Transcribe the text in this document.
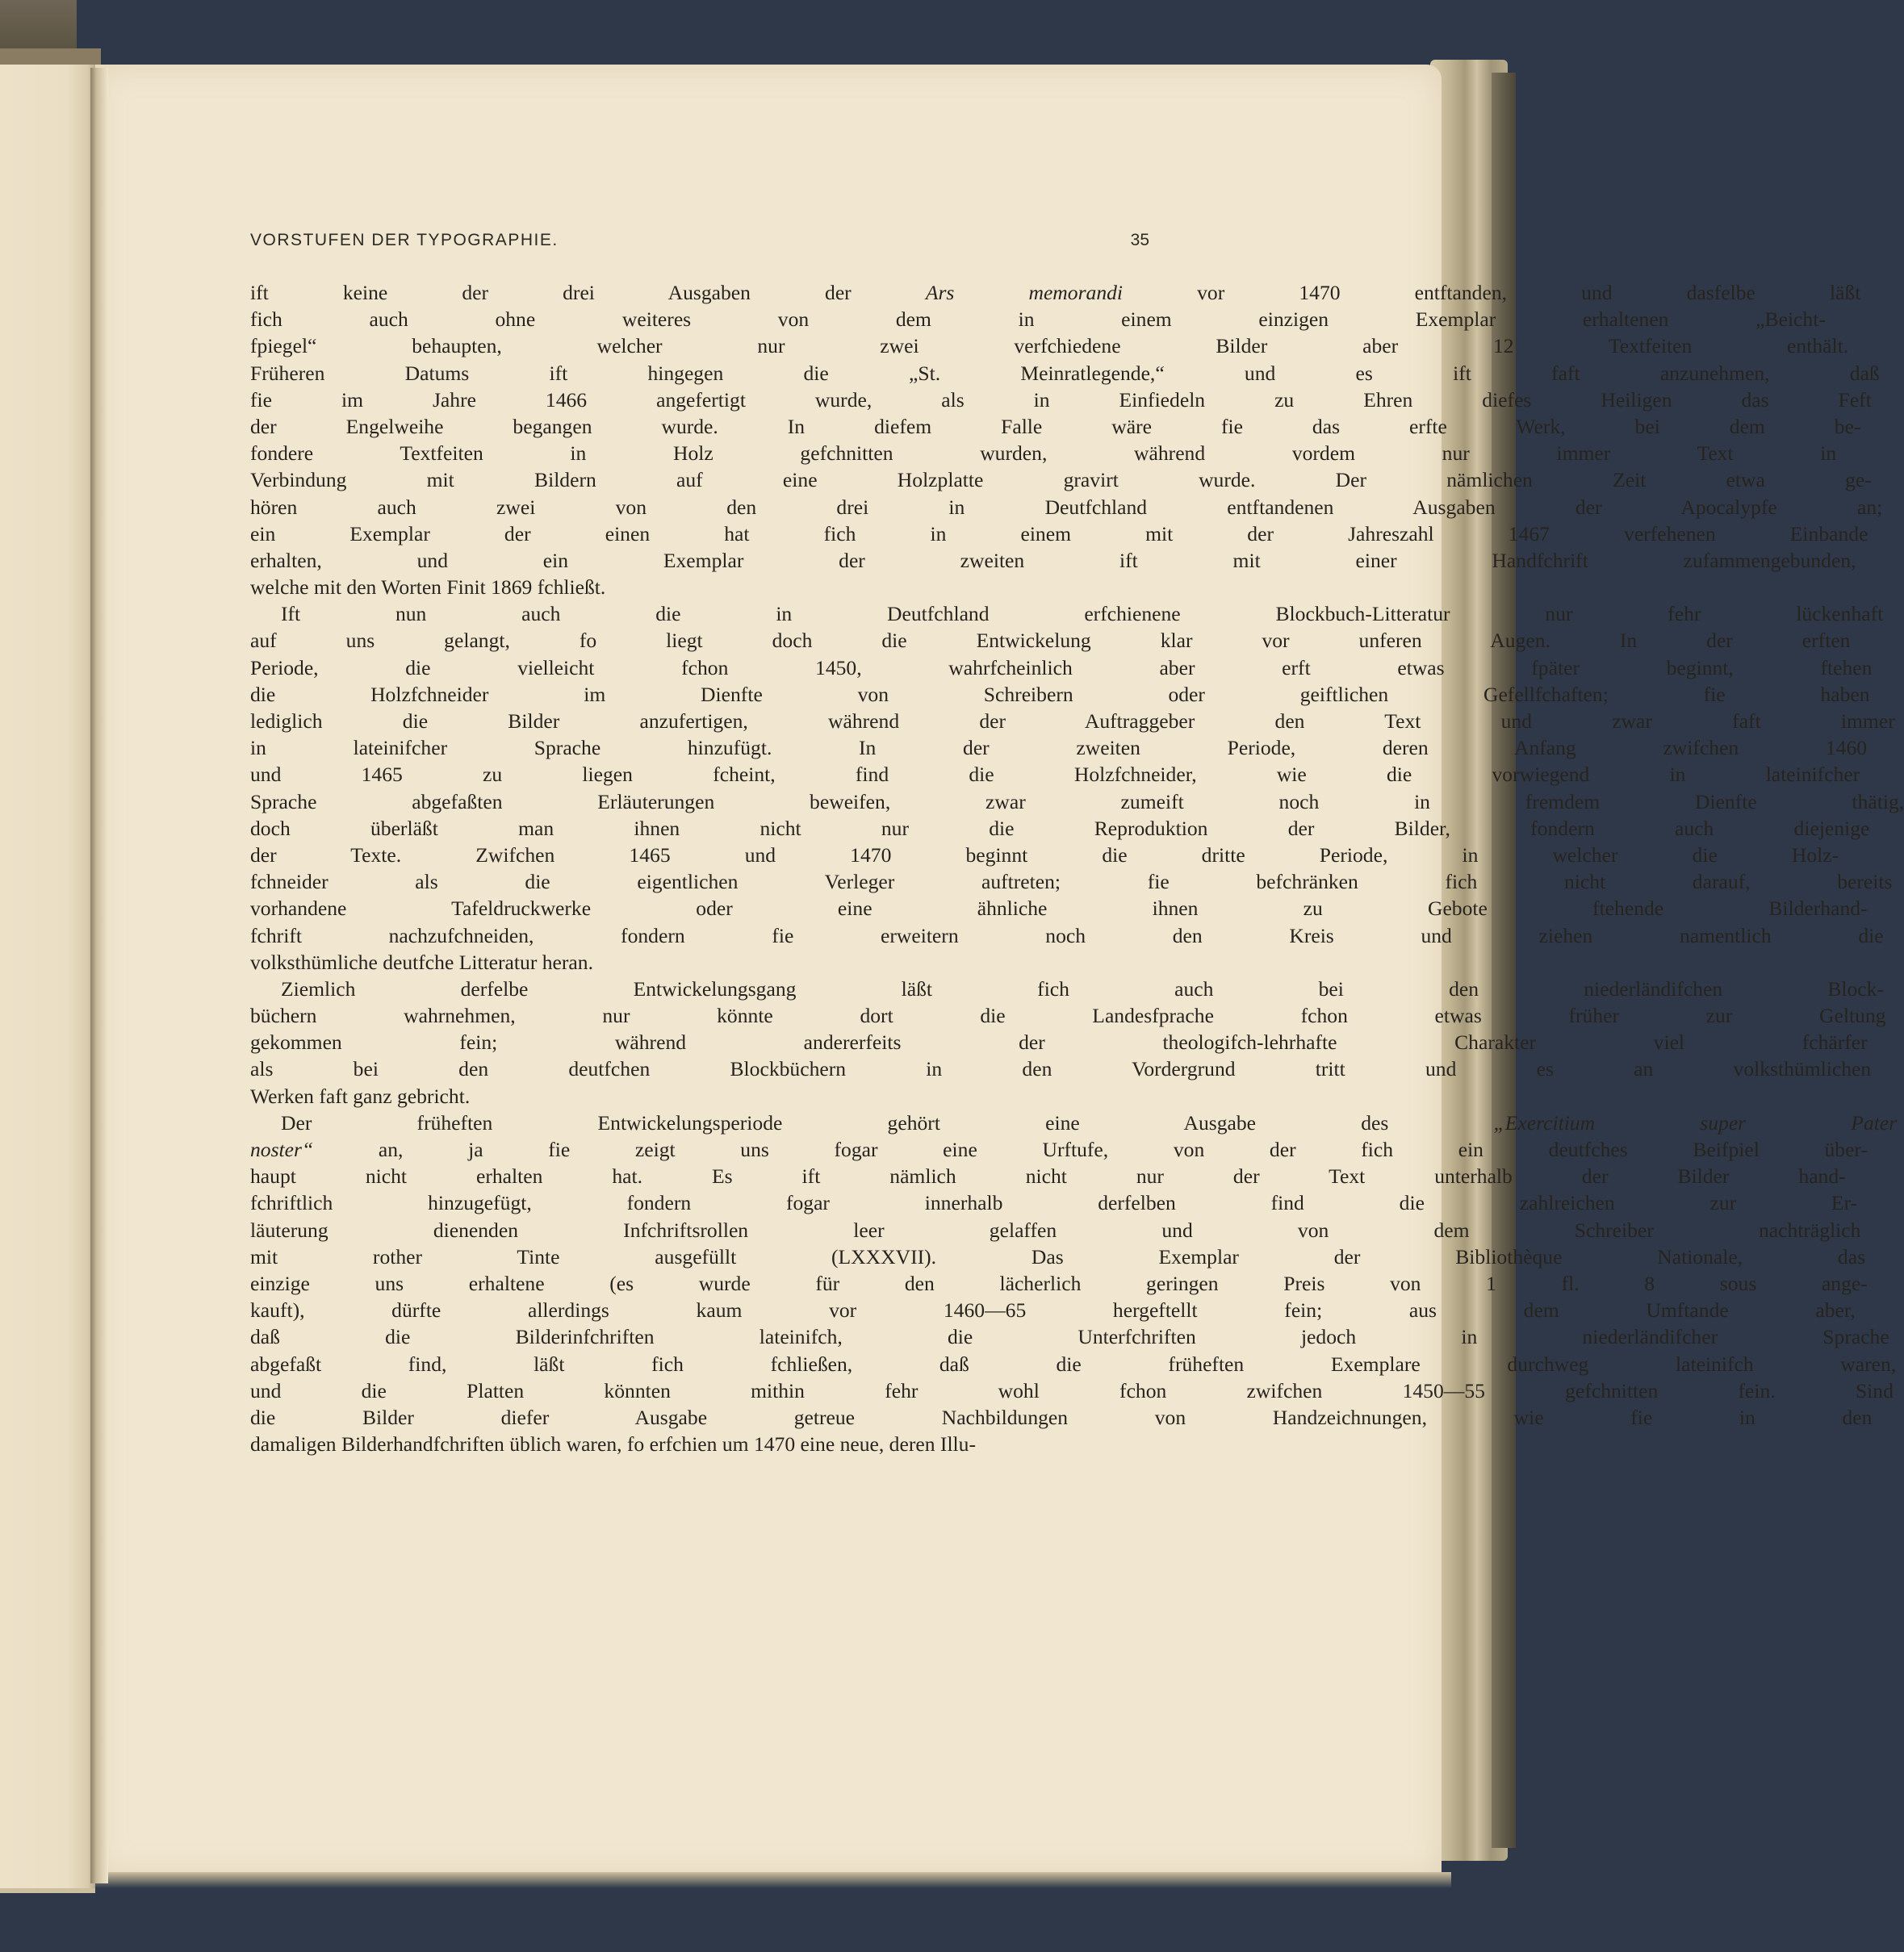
VORSTUFEN DER TYPOGRAPHIE.	35
ift keine der drei Ausgaben der Ars memorandi vor 1470 entftanden, und dasfelbe läßt
fich auch ohne weiteres von dem in einem einzigen Exemplar erhaltenen „Beicht-
fpiegel“ behaupten, welcher nur zwei verfchiedene Bilder aber 12 Textfeiten enthält.
Früheren Datums ift hingegen die „St. Meinratlegende,“ und es ift faft anzunehmen, daß
fie im Jahre 1466 angefertigt wurde, als in Einfiedeln zu Ehren diefes Heiligen das Feft
der Engelweihe begangen wurde. In diefem Falle wäre fie das erfte Werk, bei dem be-
fondere Textfeiten in Holz gefchnitten wurden, während vordem nur immer Text in
Verbindung mit Bildern auf eine Holzplatte gravirt wurde. Der nämlichen Zeit etwa ge-
hören auch zwei von den drei in Deutfchland entftandenen Ausgaben der Apocalypfe an;
ein Exemplar der einen hat fich in einem mit der Jahreszahl 1467 verfehenen Einbande
erhalten, und ein Exemplar der zweiten ift mit einer Handfchrift zufammengebunden,
welche mit den Worten Finit 1869 fchließt.
Ift nun auch die in Deutfchland erfchienene Blockbuch-Litteratur nur fehr lückenhaft
auf uns gelangt, fo liegt doch die Entwickelung klar vor unferen Augen. In der erften
Periode, die vielleicht fchon 1450, wahrfcheinlich aber erft etwas fpäter beginnt, ftehen
die Holzfchneider im Dienfte von Schreibern oder geiftlichen Gefellfchaften; fie haben
lediglich die Bilder anzufertigen, während der Auftraggeber den Text und zwar faft immer
in lateinifcher Sprache hinzufügt. In der zweiten Periode, deren Anfang zwifchen 1460
und 1465 zu liegen fcheint, find die Holzfchneider, wie die vorwiegend in lateinifcher
Sprache abgefaßten Erläuterungen beweifen, zwar zumeift noch in fremdem Dienfte thätig,
doch überläßt man ihnen nicht nur die Reproduktion der Bilder, fondern auch diejenige
der Texte. Zwifchen 1465 und 1470 beginnt die dritte Periode, in welcher die Holz-
fchneider als die eigentlichen Verleger auftreten; fie befchränken fich nicht darauf, bereits
vorhandene Tafeldruckwerke oder eine ähnliche ihnen zu Gebote ftehende Bilderhand-
fchrift nachzufchneiden, fondern fie erweitern noch den Kreis und ziehen namentlich die
volksthümliche deutfche Litteratur heran.
Ziemlich derfelbe Entwickelungsgang läßt fich auch bei den niederländifchen Block-
büchern wahrnehmen, nur könnte dort die Landesfprache fchon etwas früher zur Geltung
gekommen fein; während andererfeits der theologifch-lehrhafte Charakter viel fchärfer
als bei den deutfchen Blockbüchern in den Vordergrund tritt und es an volksthümlichen
Werken faft ganz gebricht.
Der früheften Entwickelungsperiode gehört eine Ausgabe des „Exercitium super Pater
noster“ an, ja fie zeigt uns fogar eine Urftufe, von der fich ein deutfches Beifpiel über-
haupt nicht erhalten hat. Es ift nämlich nicht nur der Text unterhalb der Bilder hand-
fchriftlich hinzugefügt, fondern fogar innerhalb derfelben find die zahlreichen zur Er-
läuterung dienenden Infchriftsrollen leer gelaffen und von dem Schreiber nachträglich
mit rother Tinte ausgefüllt (LXXXVII). Das Exemplar der Bibliothèque Nationale, das
einzige uns erhaltene (es wurde für den lächerlich geringen Preis von 1 fl. 8 sous ange-
kauft), dürfte allerdings kaum vor 1460—65 hergeftellt fein; aus dem Umftande aber,
daß die Bilderinfchriften lateinifch, die Unterfchriften jedoch in niederländifcher Sprache
abgefaßt find, läßt fich fchließen, daß die früheften Exemplare durchweg lateinifch waren,
und die Platten könnten mithin fehr wohl fchon zwifchen 1450—55 gefchnitten fein. Sind
die Bilder diefer Ausgabe getreue Nachbildungen von Handzeichnungen, wie fie in den
damaligen Bilderhandfchriften üblich waren, fo erfchien um 1470 eine neue, deren Illu-
